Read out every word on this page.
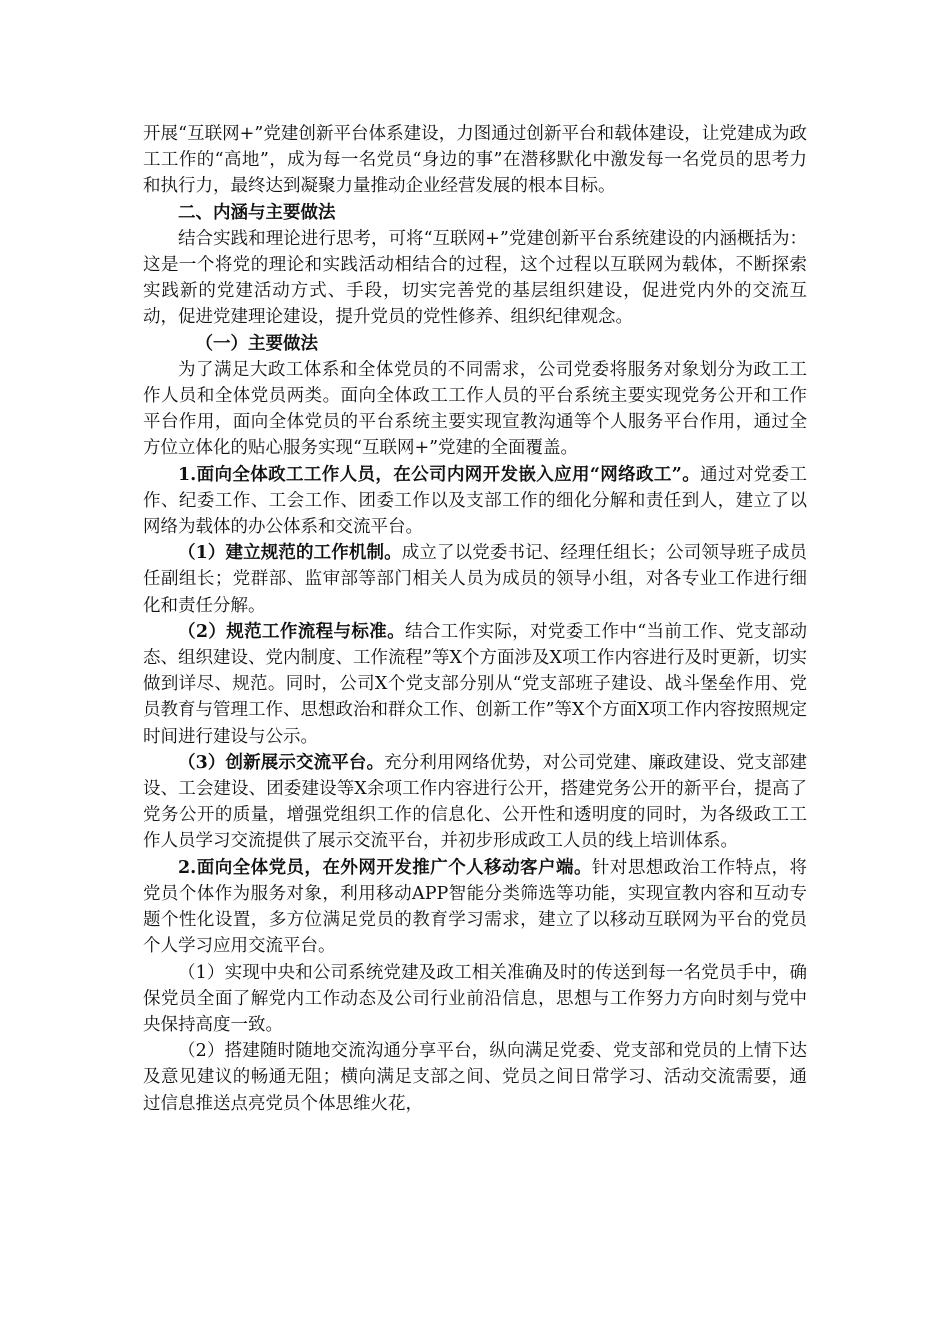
开展“互联网+”党建创新平台体系建设，力图通过创新平台和载体建设，让党建成为政工工作的“高地”，成为每一名党员“身边的事”在潜移默化中激发每一名党员的思考力和执行力，最终达到凝聚力量推动企业经营发展的根本目标。

二、内涵与主要做法

结合实践和理论进行思考，可将“互联网+”党建创新平台系统建设的内涵概括为：这是一个将党的理论和实践活动相结合的过程，这个过程以互联网为载体，不断探索实践新的党建活动方式、手段，切实完善党的基层组织建设，促进党内外的交流互动，促进党建理论建设，提升党员的党性修养、组织纪律观念。

（一）主要做法

为了满足大政工体系和全体党员的不同需求，公司党委将服务对象划分为政工工作人员和全体党员两类。面向全体政工工作人员的平台系统主要实现党务公开和工作平台作用，面向全体党员的平台系统主要实现宣教沟通等个人服务平台作用，通过全方位立体化的贴心服务实现“互联网+”党建的全面覆盖。

1.面向全体政工工作人员，在公司内网开发嵌入应用“网络政工”。通过对党委工作、纪委工作、工会工作、团委工作以及支部工作的细化分解和责任到人，建立了以网络为载体的办公体系和交流平台。

（1）建立规范的工作机制。成立了以党委书记、经理任组长；公司领导班子成员任副组长；党群部、监审部等部门相关人员为成员的领导小组，对各专业工作进行细化和责任分解。

（2）规范工作流程与标准。结合工作实际，对党委工作中“当前工作、党支部动态、组织建设、党内制度、工作流程”等X个方面涉及X项工作内容进行及时更新，切实做到详尽、规范。同时，公司X个党支部分别从“党支部班子建设、战斗堡垒作用、党员教育与管理工作、思想政治和群众工作、创新工作”等X个方面X项工作内容按照规定时间进行建设与公示。

（3）创新展示交流平台。充分利用网络优势，对公司党建、廉政建设、党支部建设、工会建设、团委建设等X余项工作内容进行公开，搭建党务公开的新平台，提高了党务公开的质量，增强党组织工作的信息化、公开性和透明度的同时，为各级政工工作人员学习交流提供了展示交流平台，并初步形成政工人员的线上培训体系。

2.面向全体党员，在外网开发推广个人移动客户端。针对思想政治工作特点，将党员个体作为服务对象，利用移动APP智能分类筛选等功能，实现宣教内容和互动专题个性化设置，多方位满足党员的教育学习需求，建立了以移动互联网为平台的党员个人学习应用交流平台。

（1）实现中央和公司系统党建及政工相关准确及时的传送到每一名党员手中，确保党员全面了解党内工作动态及公司行业前沿信息，思想与工作努力方向时刻与党中央保持高度一致。

（2）搭建随时随地交流沟通分享平台，纵向满足党委、党支部和党员的上情下达及意见建议的畅通无阻；横向满足支部之间、党员之间日常学习、活动交流需要，通过信息推送点亮党员个体思维火花，
